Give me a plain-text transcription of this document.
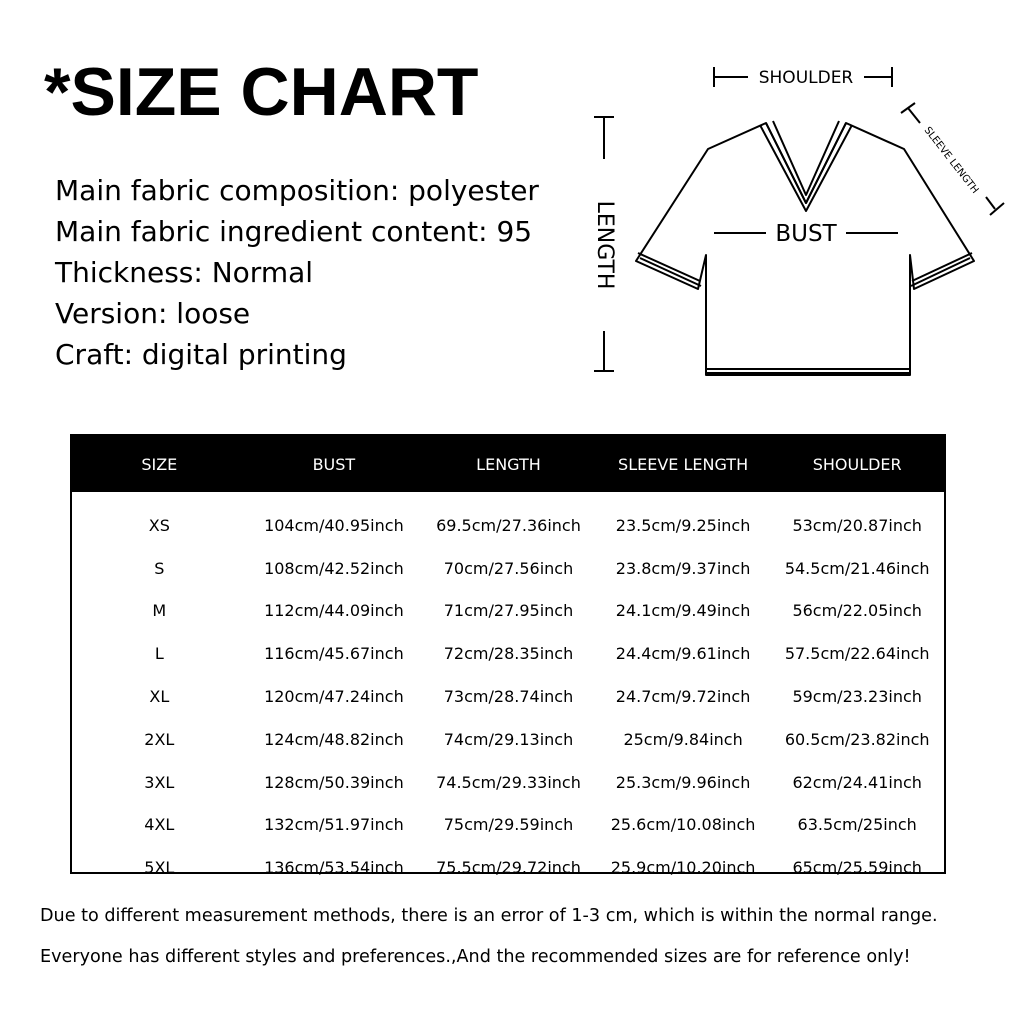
*SIZE CHART
Main fabric composition: polyester
Main fabric ingredient content: 95
Thickness: Normal
Version: loose
Craft: digital printing
SHOULDER
SLEEVE LENGTH
LENGTH	BUST
SIZE	BUST	LENGTH	SLEEVE LENGTH	SHOULDER
XS	104cm/40.95inch	69.5cm/27.36inch	23.5cm/9.25inch	53cm/20.87inch
S	108cm/42.52inch	70cm/27.56inch	23.8cm/9.37inch	54.5cm/21.46inch
M	112cm/44.09inch	71cm/27.95inch	24.1cm/9.49inch	56cm/22.05inch
L	116cm/45.67inch	72cm/28.35inch	24.4cm/9.61inch	57.5cm/22.64inch
XL	120cm/47.24inch	73cm/28.74inch	24.7cm/9.72inch	59cm/23.23inch
2XL	124cm/48.82inch	74cm/29.13inch	25cm/9.84inch	60.5cm/23.82inch
3XL	128cm/50.39inch	74.5cm/29.33inch	25.3cm/9.96inch	62cm/24.41inch
4XL	132cm/51.97inch	75cm/29.59inch	25.6cm/10.08inch	63.5cm/25inch
5XL	136cm/53.54inch	75.5cm/29.72inch	25.9cm/10.20inch	65cm/25.59inch
Due to different measurement methods, there is an error of 1-3 cm, which is within the normal range.
Everyone has different styles and preferences.,And the recommended sizes are for reference only!
